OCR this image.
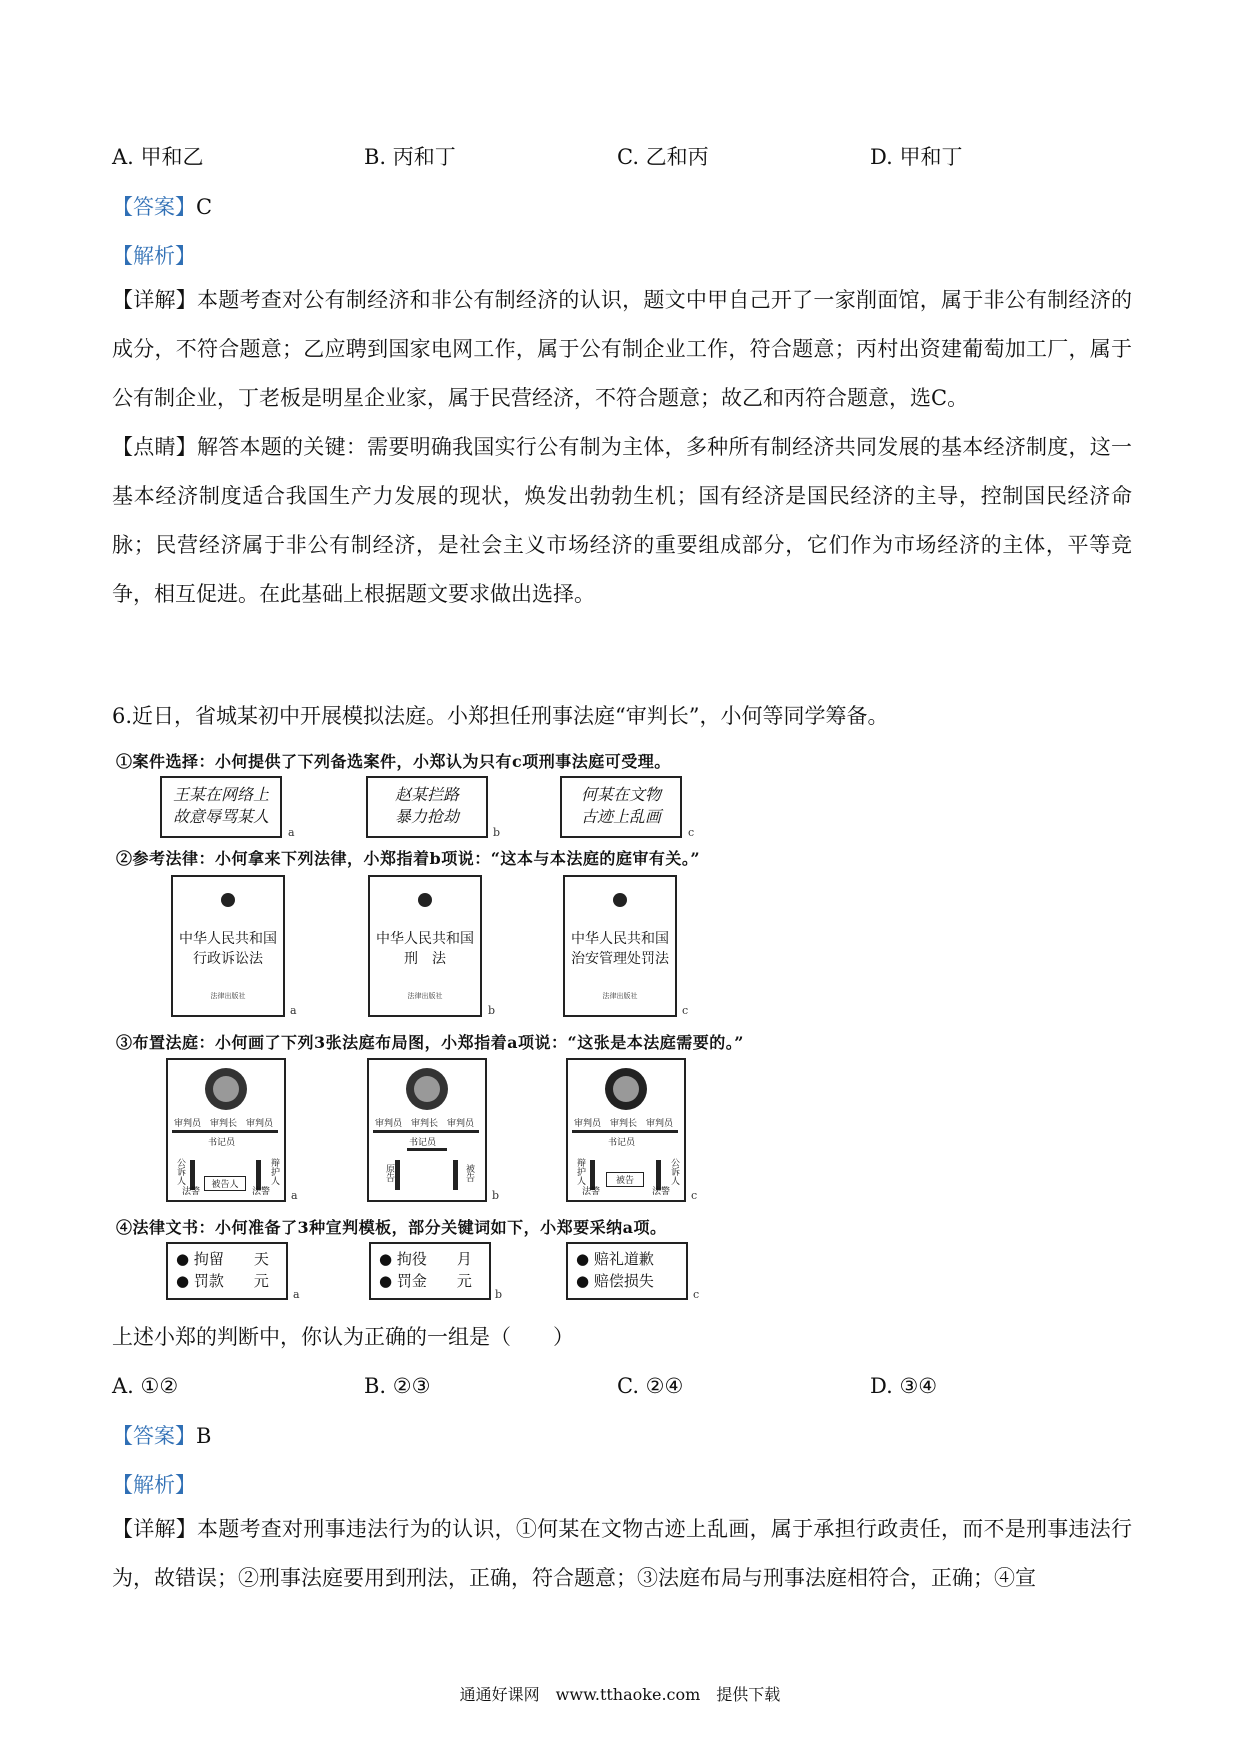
A. 甲和乙	B. 丙和丁	C. 乙和丙	D. 甲和丁
【答案】C
【解析】
【详解】本题考查对公有制经济和非公有制经济的认识，题文中甲自己开了一家削面馆，属于非公有制经济的成分，不符合题意；乙应聘到国家电网工作，属于公有制企业工作，符合题意；丙村出资建葡萄加工厂，属于公有制企业，丁老板是明星企业家，属于民营经济，不符合题意；故乙和丙符合题意，选C。
【点睛】解答本题的关键：需要明确我国实行公有制为主体，多种所有制经济共同发展的基本经济制度，这一基本经济制度适合我国生产力发展的现状，焕发出勃勃生机；国有经济是国民经济的主导，控制国民经济命脉；民营经济属于非公有制经济，是社会主义市场经济的重要组成部分，它们作为市场经济的主体，平等竞争，相互促进。在此基础上根据题文要求做出选择。
6.近日，省城某初中开展模拟法庭。小郑担任刑事法庭“审判长”，小何等同学筹备。
①案件选择：小何提供了下列备选案件，小郑认为只有c项刑事法庭可受理。
王某在网络上
故意辱骂某人
a
赵某拦路
暴力抢劫
b
何某在文物
古迹上乱画
c
②参考法律：小何拿来下列法律，小郑指着b项说：“这本与本法庭的庭审有关。”
中华人民共和国
行政诉讼法
法律出版社
a
中华人民共和国
刑　法
法律出版社
b
中华人民共和国
治安管理处罚法
法律出版社
c
③布置法庭：小何画了下列3张法庭布局图，小郑指着a项说：“这张是本法庭需要的。”
审判员　审判长　审判员
书记员
公诉人	辩护人
被告人
法警	法警 a
审判员　审判长　审判员
书记员
原告	被告
b
审判员　审判长　审判员
书记员
辩护人	公诉人
被告
法警	法警 c
④法律文书：小何准备了3种宣判模板，部分关键词如下，小郑要采纳a项。
● 拘留　　天
● 罚款　　元
a
● 拘役　　月
● 罚金　　元
b
● 赔礼道歉
● 赔偿损失
c
上述小郑的判断中，你认为正确的一组是（　　）
A. ①②	B. ②③	C. ②④	D. ③④
【答案】B
【解析】
【详解】本题考查对刑事违法行为的认识，①何某在文物古迹上乱画，属于承担行政责任，而不是刑事违法行为，故错误；②刑事法庭要用到刑法，正确，符合题意；③法庭布局与刑事法庭相符合，正确；④宣
通通好课网　www.tthaoke.com　提供下载
